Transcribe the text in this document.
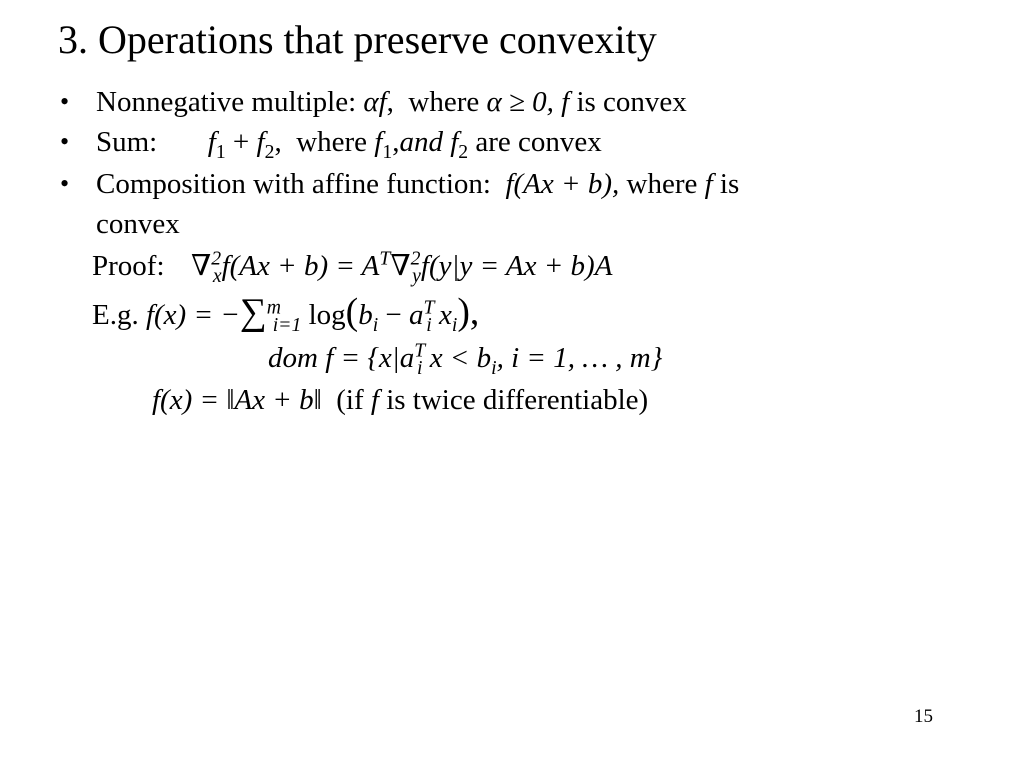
3. Operations that preserve convexity
• Nonnegative multiple: αf, where α ≥ 0, f is convex
• Sum: $f_1 + f_2$, where $f_1,and$ $f_2$ are convex
• Composition with affine function: f(Ax + b), where f is
convex
Proof: $\nabla^2_xf(Ax + b) = A^T\nabla^2_yf(y|y = Ax + b)A$
E.g. f(x) = −∑$^m_{i=1}$ $\log(b_i - a^T_i$ $x_i$),
dom $f = \{x|a^T_i$ $x < b_i$, i = 1, … , m}
f(x) = ‖Ax + b‖ (if f is twice differentiable)
15
